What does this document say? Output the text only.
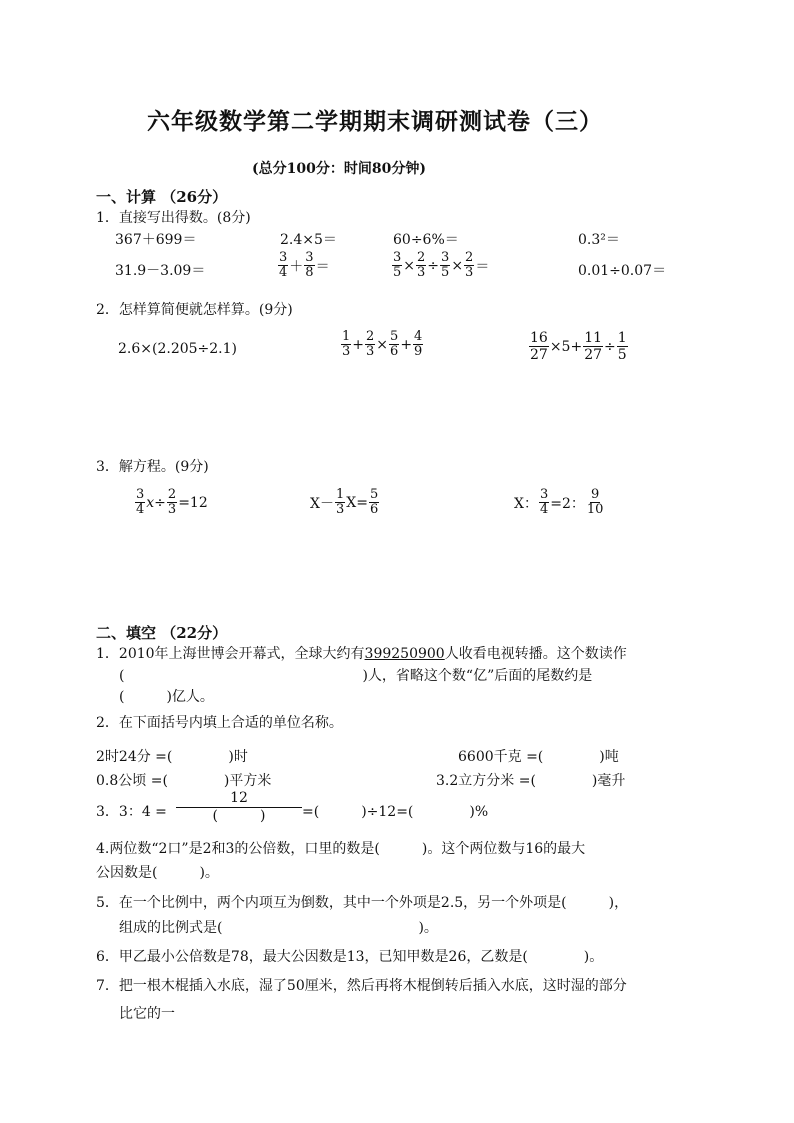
六年级数学第二学期期末调研测试卷（三）
(总分100分：时间80分钟)
一、计算 （26分）
1．直接写出得数。(8分)
367＋699＝	2.4×5＝	60÷6%＝	0.3²＝
31.9－3.09＝	$\frac{3}{4} + \frac{3}{8}$ ＝	$\frac{3}{5} \times \frac{2}{3} \div \frac{3}{5} \times \frac{2}{3}$ ＝	0.01÷0.07＝
2．怎样算简便就怎样算。(9分)
2.6×(2.205÷2.1)	$\frac{1}{3} + \frac{2}{3} \times \frac{5}{6} + \frac{4}{9}$	$\frac{16}{27} \times 5+ \frac{11}{27} \div \frac{1}{5}$
3．解方程。(9分)
$\frac{3}{4} x\div \frac{2}{3} =12$	$X- \frac{1}{3} X= \frac{5}{6}$	X： $\frac{3}{4} =2$： $\frac{9}{10}$
二、填空 （22分）
1．2010年上海世博会开幕式，全球大约有399250900人收看电视转播。这个数读作
(　　　　　　　　　　　　　　　　　)人，省略这个数“亿”后面的尾数约是
(　　　)亿人。
2．在下面括号内填上合适的单位名称。
2时24分 =(　　　　)时	6600千克 =(　　　　)吨
0.8公顷 =(　　　　)平方米	3.2立方分米 =(　　　　)毫升
3．3：4 =
12
(　　　)	=(　　　)÷12=(　　　　)%
4.两位数“2口”是2和3的公倍数，口里的数是(　　　)。这个两位数与16的最大
公因数是(　　　)。
5．在一个比例中，两个内项互为倒数，其中一个外项是2.5，另一个外项是(　　　)，
组成的比例式是(　　　　　　　　　　　　　　)。
6．甲乙最小公倍数是78，最大公因数是13，已知甲数是26，乙数是(　　　　)。
7．把一根木棍插入水底，湿了50厘米，然后再将木棍倒转后插入水底，这时湿的部分
比它的一
